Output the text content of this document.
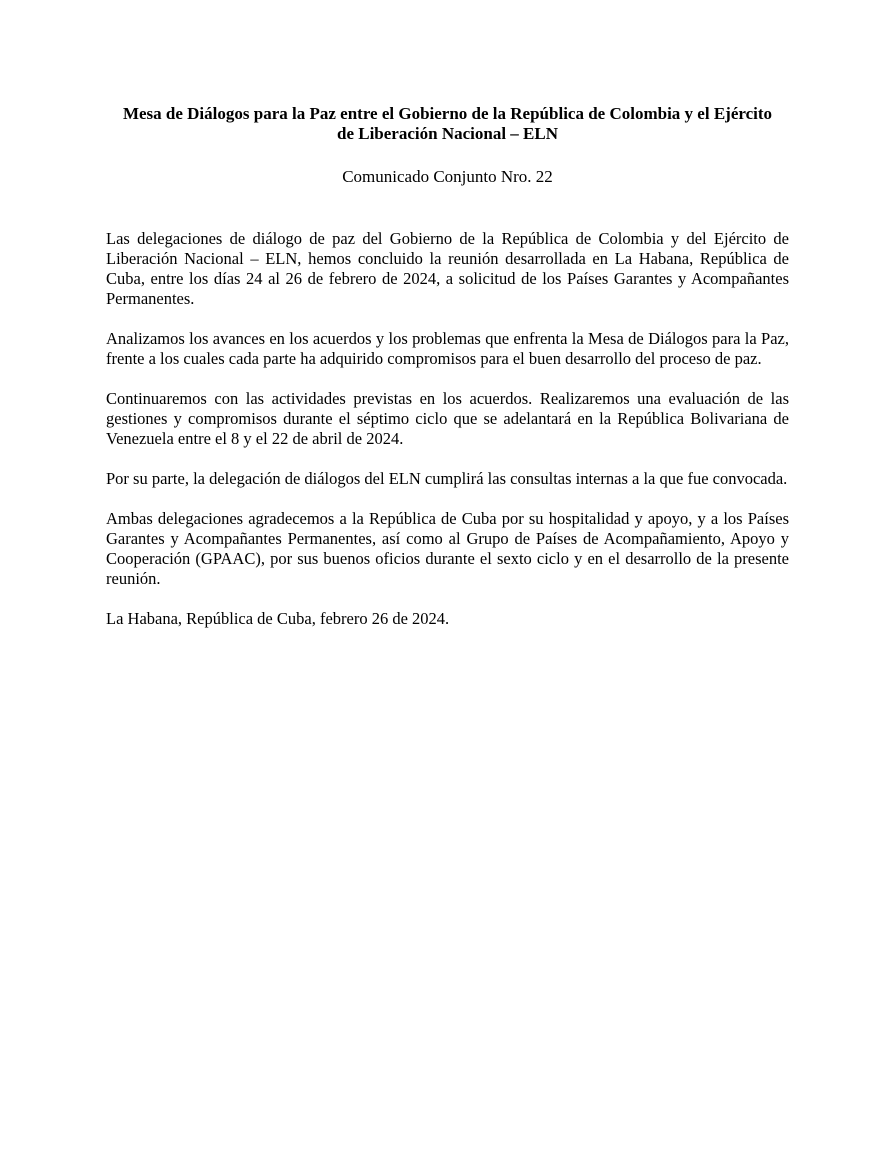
Mesa de Diálogos para la Paz entre el Gobierno de la República de Colombia y el Ejército
de Liberación Nacional – ELN

Comunicado Conjunto Nro. 22

Las delegaciones de diálogo de paz del Gobierno de la República de Colombia y del Ejército de Liberación Nacional – ELN, hemos concluido la reunión desarrollada en La Habana, República de Cuba, entre los días 24 al 26 de febrero de 2024, a solicitud de los Países Garantes y Acompañantes Permanentes.

Analizamos los avances en los acuerdos y los problemas que enfrenta la Mesa de Diálogos para la Paz, frente a los cuales cada parte ha adquirido compromisos para el buen desarrollo del proceso de paz.

Continuaremos con las actividades previstas en los acuerdos. Realizaremos una evaluación de las gestiones y compromisos durante el séptimo ciclo que se adelantará en la República Bolivariana de Venezuela entre el 8 y el 22 de abril de 2024.

Por su parte, la delegación de diálogos del ELN cumplirá las consultas internas a la que fue convocada.

Ambas delegaciones agradecemos a la República de Cuba por su hospitalidad y apoyo, y a los Países Garantes y Acompañantes Permanentes, así como al Grupo de Países de Acompañamiento, Apoyo y Cooperación (GPAAC), por sus buenos oficios durante el sexto ciclo y en el desarrollo de la presente reunión.

La Habana, República de Cuba, febrero 26 de 2024.
